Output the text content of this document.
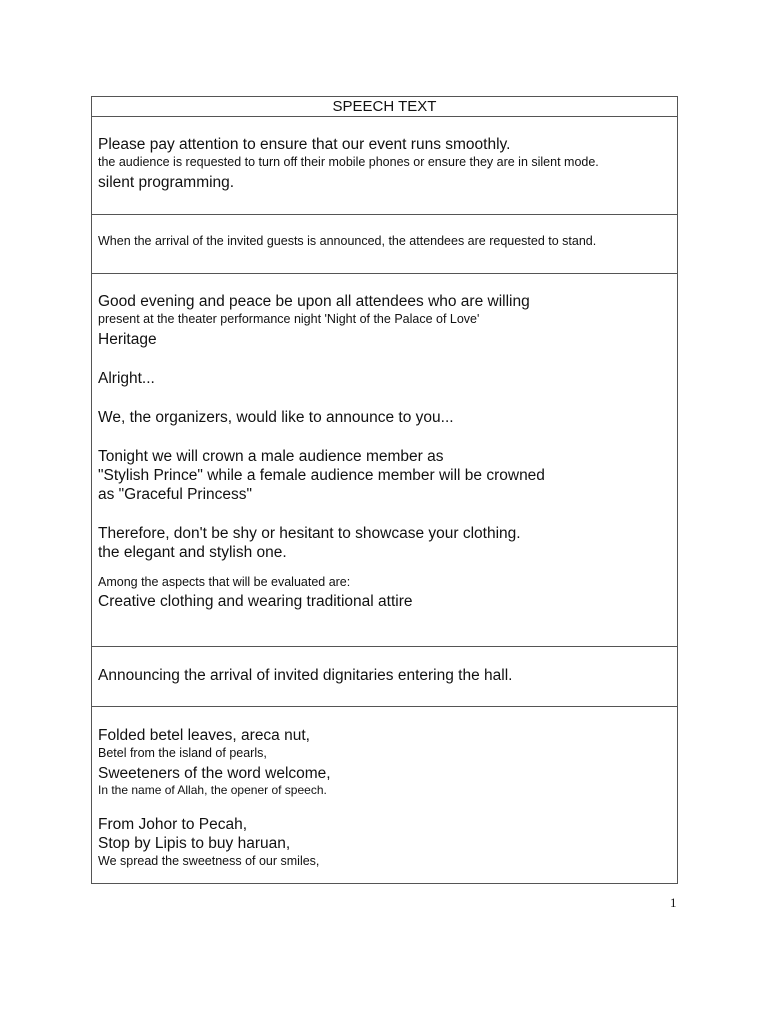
SPEECH TEXT
Please pay attention to ensure that our event runs smoothly.
the audience is requested to turn off their mobile phones or ensure they are in silent mode.
silent programming.
When the arrival of the invited guests is announced, the attendees are requested to stand.
Good evening and peace be upon all attendees who are willing
present at the theater performance night 'Night of the Palace of Love'
Heritage
Alright...
We, the organizers, would like to announce to you...
Tonight we will crown a male audience member as
"Stylish Prince" while a female audience member will be crowned
as "Graceful Princess"
Therefore, don't be shy or hesitant to showcase your clothing.
the elegant and stylish one.
Among the aspects that will be evaluated are:
Creative clothing and wearing traditional attire
Announcing the arrival of invited dignitaries entering the hall.
Folded betel leaves, areca nut,
Betel from the island of pearls,
Sweeteners of the word welcome,
In the name of Allah, the opener of speech.
From Johor to Pecah,
Stop by Lipis to buy haruan,
We spread the sweetness of our smiles,
1
